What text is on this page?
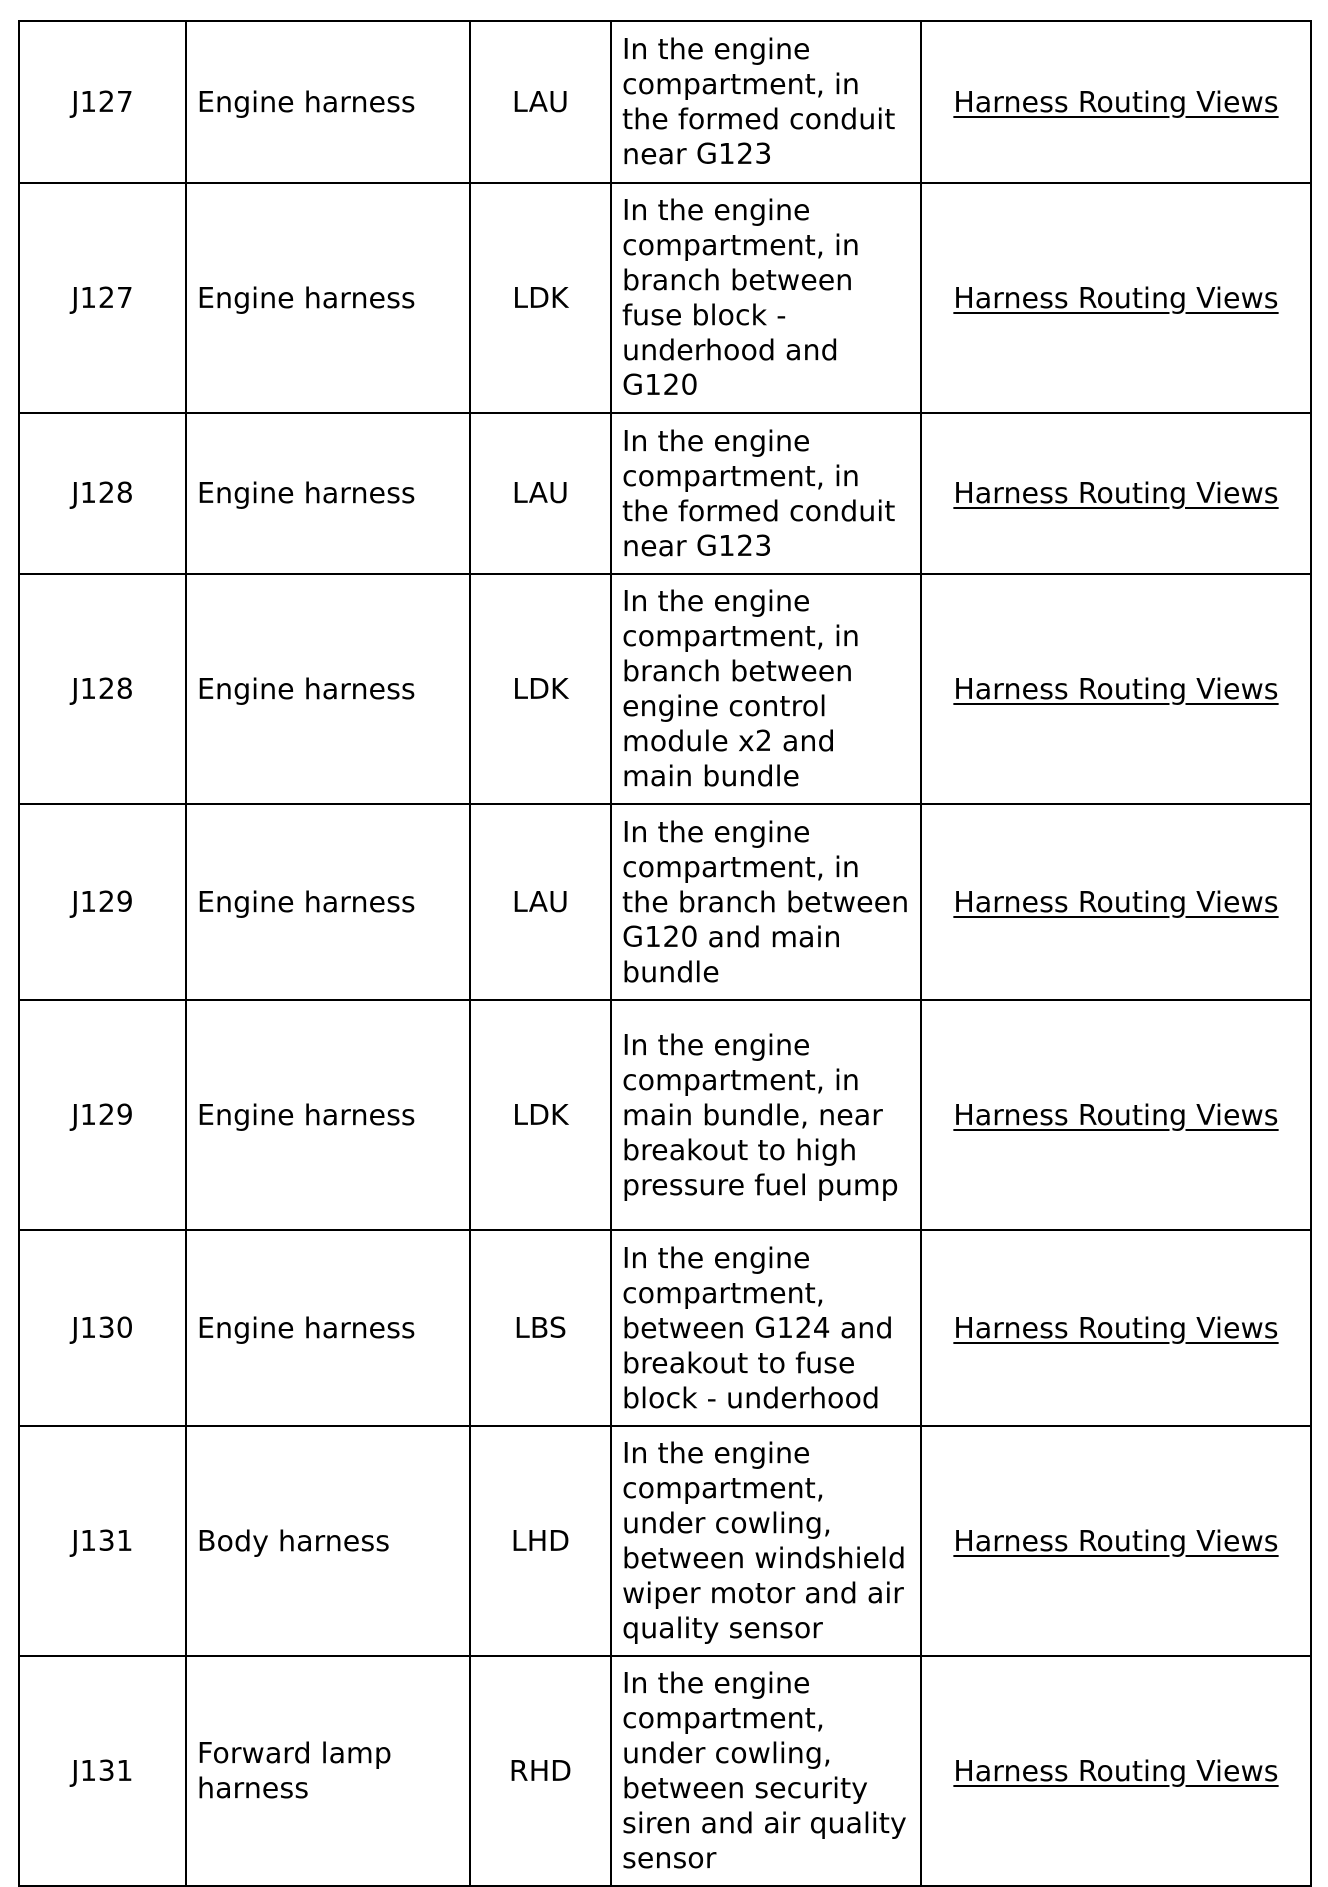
J127	Engine harness	LAU	In the engine compartment, in the formed conduit near G123	Harness Routing Views
J127	Engine harness	LDK	In the engine compartment, in branch between fuse block - underhood and G120	Harness Routing Views
J128	Engine harness	LAU	In the engine compartment, in the formed conduit near G123	Harness Routing Views
J128	Engine harness	LDK	In the engine compartment, in branch between engine control module x2 and main bundle	Harness Routing Views
J129	Engine harness	LAU	In the engine compartment, in the branch between G120 and main bundle	Harness Routing Views
J129	Engine harness	LDK	In the engine compartment, in main bundle, near breakout to high pressure fuel pump	Harness Routing Views
J130	Engine harness	LBS	In the engine compartment, between G124 and breakout to fuse block - underhood	Harness Routing Views
J131	Body harness	LHD	In the engine compartment, under cowling, between windshield wiper motor and air quality sensor	Harness Routing Views
J131	Forward lamp harness	RHD	In the engine compartment, under cowling, between security siren and air quality sensor	Harness Routing Views
